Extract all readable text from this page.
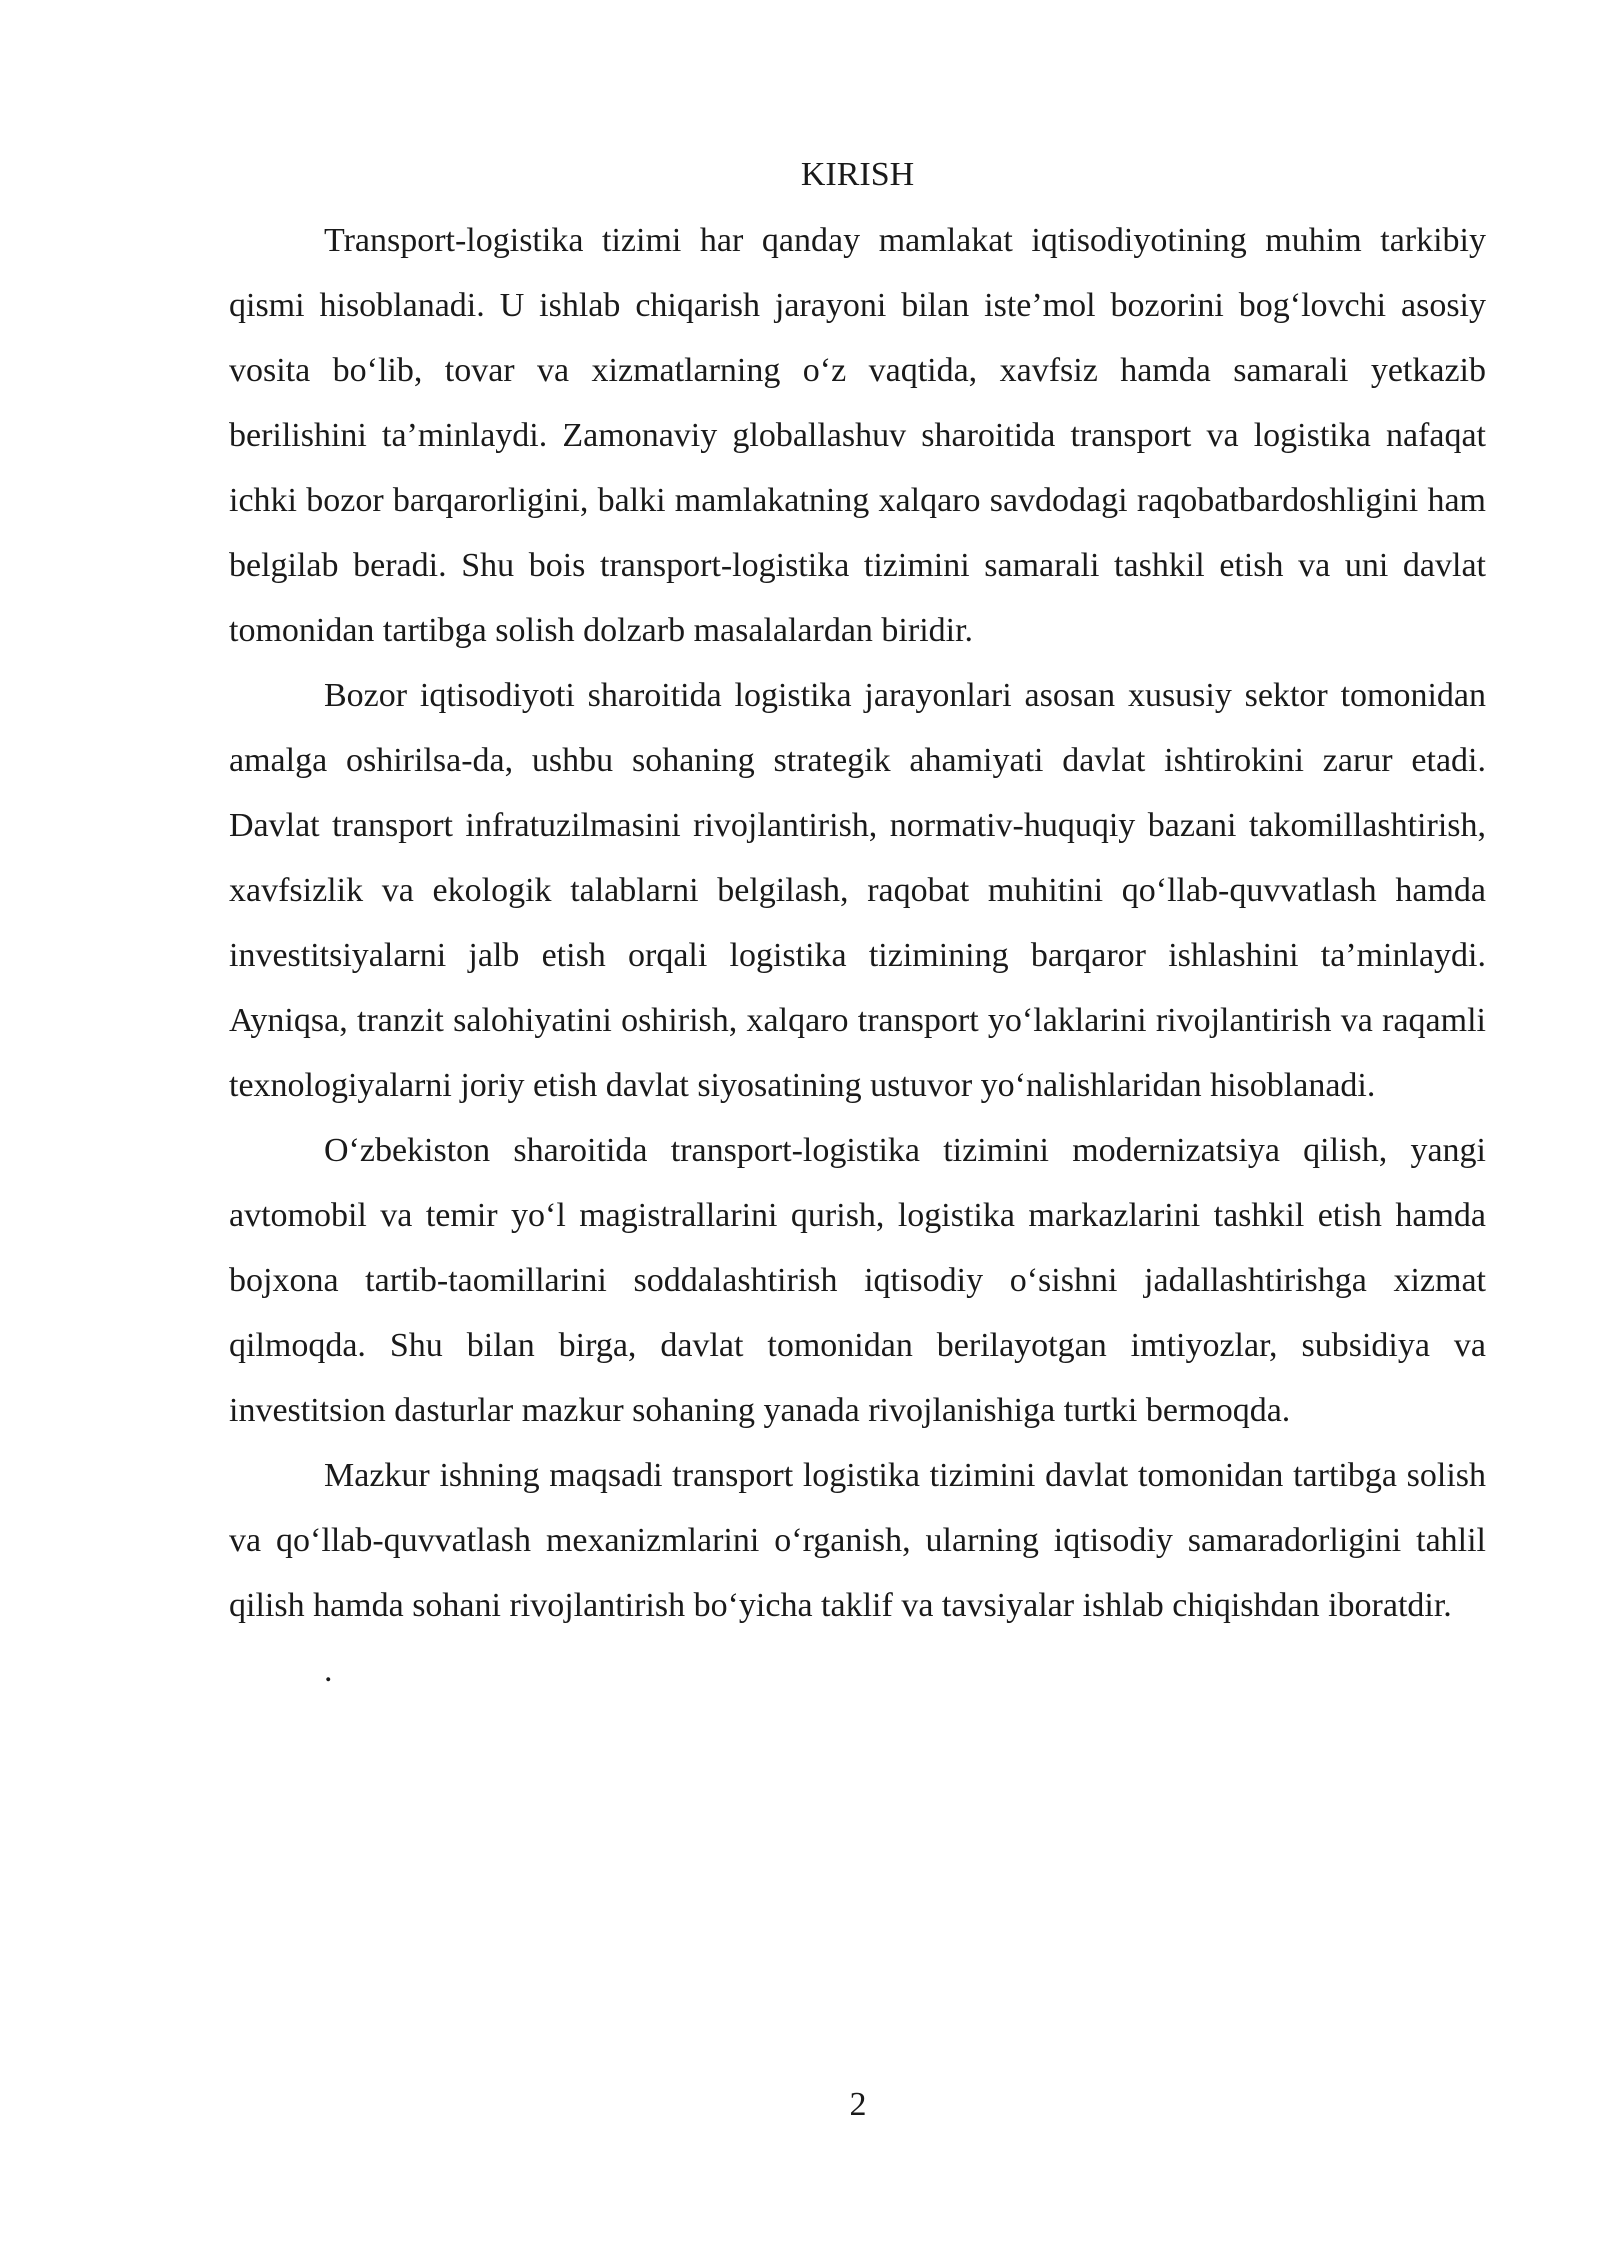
KIRISH

Transport-logistika tizimi har qanday mamlakat iqtisodiyotining muhim tarkibiy qismi hisoblanadi. U ishlab chiqarish jarayoni bilan iste’mol bozorini bog‘lovchi asosiy vosita bo‘lib, tovar va xizmatlarning o‘z vaqtida, xavfsiz hamda samarali yetkazib berilishini ta’minlaydi. Zamonaviy globallashuv sharoitida transport va logistika nafaqat ichki bozor barqarorligini, balki mamlakatning xalqaro savdodagi raqobatbardoshligini ham belgilab beradi. Shu bois transport-logistika tizimini samarali tashkil etish va uni davlat tomonidan tartibga solish dolzarb masalalardan biridir.

Bozor iqtisodiyoti sharoitida logistika jarayonlari asosan xususiy sektor tomonidan amalga oshirilsa-da, ushbu sohaning strategik ahamiyati davlat ishtirokini zarur etadi. Davlat transport infratuzilmasini rivojlantirish, normativ-huquqiy bazani takomillashtirish, xavfsizlik va ekologik talablarni belgilash, raqobat muhitini qo‘llab-quvvatlash hamda investitsiyalarni jalb etish orqali logistika tizimining barqaror ishlashini ta’minlaydi. Ayniqsa, tranzit salohiyatini oshirish, xalqaro transport yo‘laklarini rivojlantirish va raqamli texnologiyalarni joriy etish davlat siyosatining ustuvor yo‘nalishlaridan hisoblanadi.

O‘zbekiston sharoitida transport-logistika tizimini modernizatsiya qilish, yangi avtomobil va temir yo‘l magistrallarini qurish, logistika markazlarini tashkil etish hamda bojxona tartib-taomillarini soddalashtirish iqtisodiy o‘sishni jadallashtirishga xizmat qilmoqda. Shu bilan birga, davlat tomonidan berilayotgan imtiyozlar, subsidiya va investitsion dasturlar mazkur sohaning yanada rivojlanishiga turtki bermoqda.

Mazkur ishning maqsadi transport logistika tizimini davlat tomonidan tartibga solish va qo‘llab-quvvatlash mexanizmlarini o‘rganish, ularning iqtisodiy samaradorligini tahlil qilish hamda sohani rivojlantirish bo‘yicha taklif va tavsiyalar ishlab chiqishdan iboratdir.

.

2
